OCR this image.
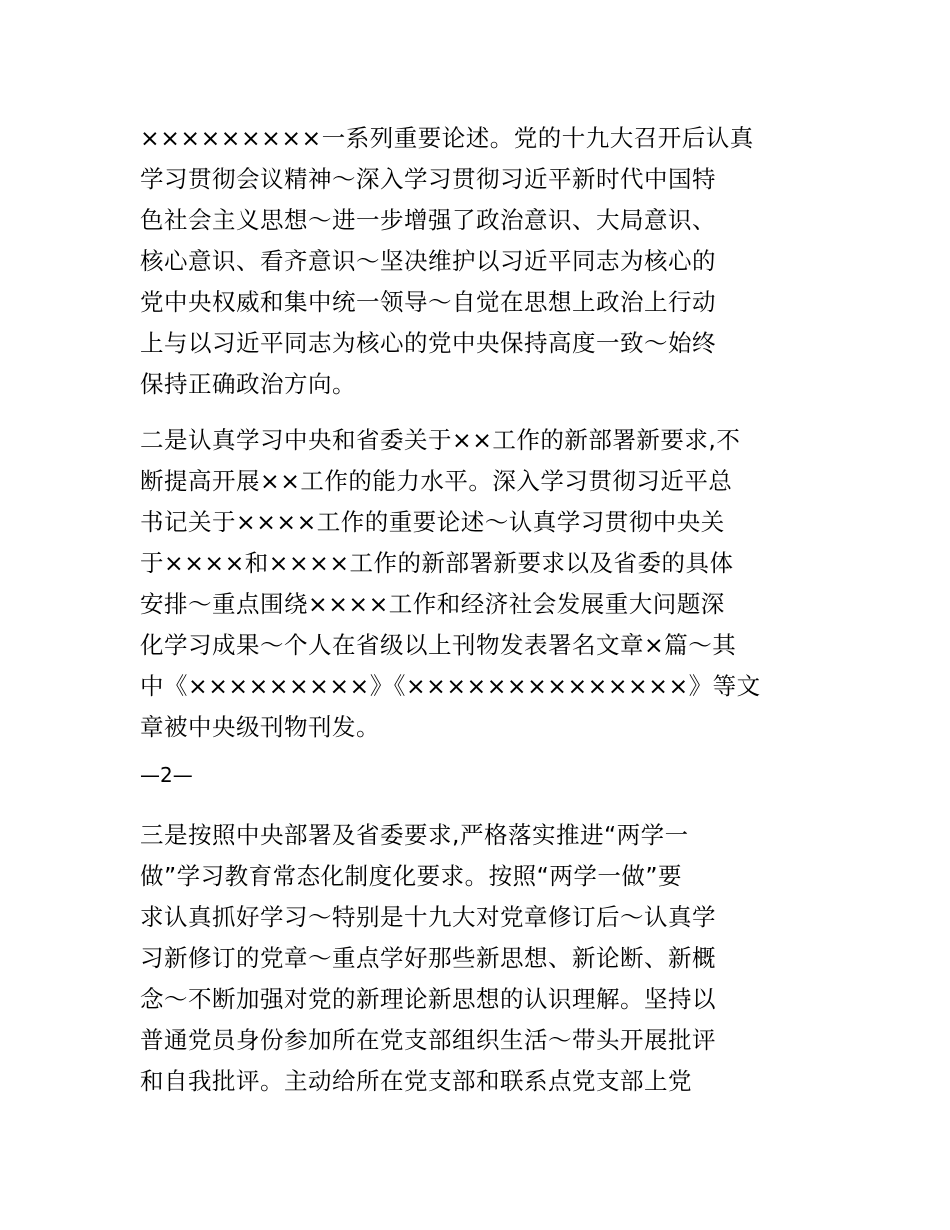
×××××××××一系列重要论述。党的十九大召开后认真
学习贯彻会议精神～深入学习贯彻习近平新时代中国特
色社会主义思想～进一步增强了政治意识、大局意识、
核心意识、看齐意识～坚决维护以习近平同志为核心的
党中央权威和集中统一领导～自觉在思想上政治上行动
上与以习近平同志为核心的党中央保持高度一致～始终
保持正确政治方向。
二是认真学习中央和省委关于××工作的新部署新要求,不
断提高开展××工作的能力水平。深入学习贯彻习近平总
书记关于××××工作的重要论述～认真学习贯彻中央关
于××××和××××工作的新部署新要求以及省委的具体
安排～重点围绕××××工作和经济社会发展重大问题深
化学习成果～个人在省级以上刊物发表署名文章×篇～其
中《×××××××××》《××××××××××××××》等文
章被中央级刊物刊发。
—2—
三是按照中央部署及省委要求,严格落实推进“两学一
做”学习教育常态化制度化要求。按照“两学一做”要
求认真抓好学习～特别是十九大对党章修订后～认真学
习新修订的党章～重点学好那些新思想、新论断、新概
念～不断加强对党的新理论新思想的认识理解。坚持以
普通党员身份参加所在党支部组织生活～带头开展批评
和自我批评。主动给所在党支部和联系点党支部上党
